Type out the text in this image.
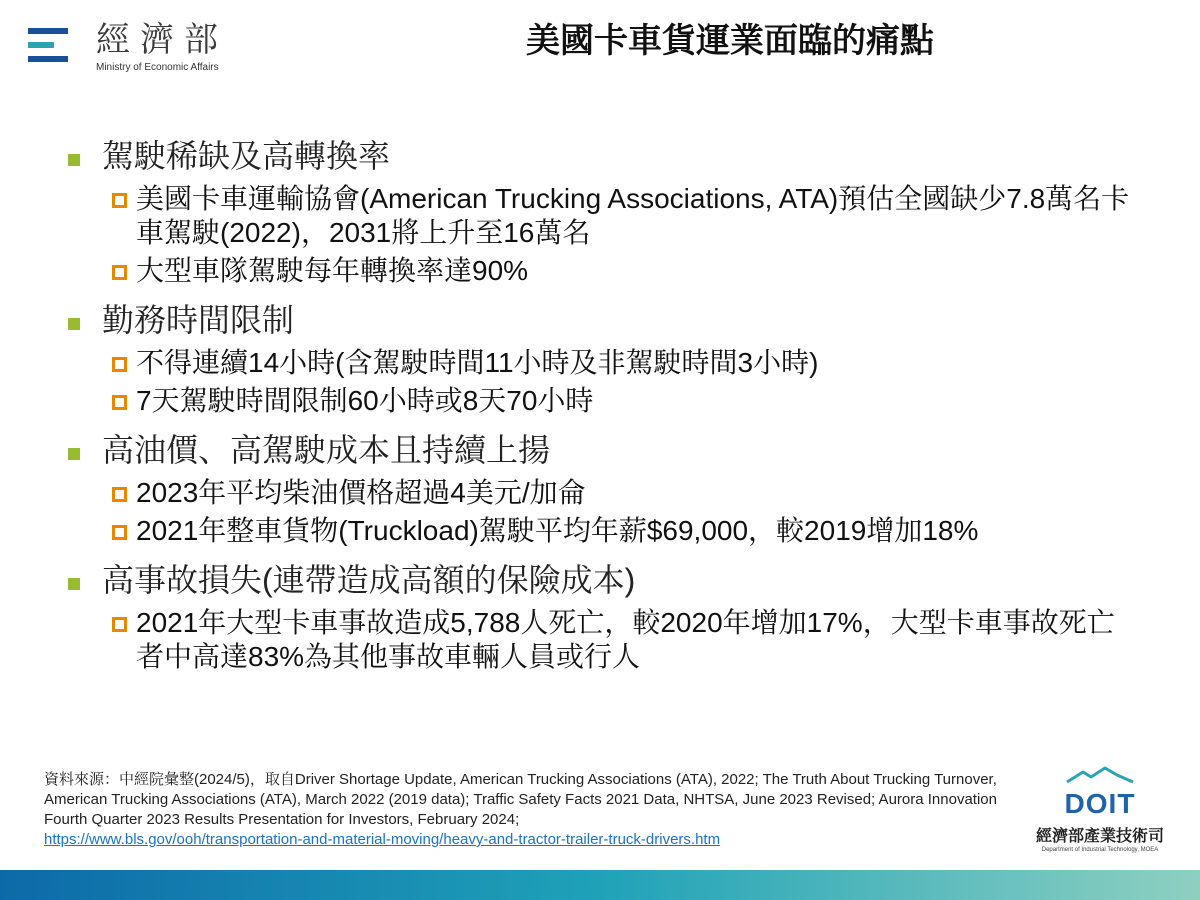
經濟部
Ministry of Economic Affairs
美國卡車貨運業面臨的痛點
駕駛稀缺及高轉換率
美國卡車運輸協會(American Trucking Associations, ATA)預估全國缺少7.8萬名卡車駕駛(2022)，2031將上升至16萬名
大型車隊駕駛每年轉換率達90%
勤務時間限制
不得連續14小時(含駕駛時間11小時及非駕駛時間3小時)
7天駕駛時間限制60小時或8天70小時
高油價、高駕駛成本且持續上揚
2023年平均柴油價格超過4美元/加侖
2021年整車貨物(Truckload)駕駛平均年薪$69,000，較2019增加18%
高事故損失(連帶造成高額的保險成本)
2021年大型卡車事故造成5,788人死亡，較2020年增加17%，大型卡車事故死亡者中高達83%為其他事故車輛人員或行人
資料來源：中經院彙整(2024/5)，取自Driver Shortage Update, American Trucking Associations (ATA), 2022; The Truth About Trucking Turnover, American Trucking Associations (ATA), March 2022 (2019 data); Traffic Safety Facts 2021 Data, NHTSA, June 2023 Revised; Aurora Innovation Fourth Quarter 2023 Results Presentation for Investors, February 2024;
https://www.bls.gov/ooh/transportation-and-material-moving/heavy-and-tractor-trailer-truck-drivers.htm
DOIT
經濟部產業技術司
Department of Industrial Technology, MOEA
6
